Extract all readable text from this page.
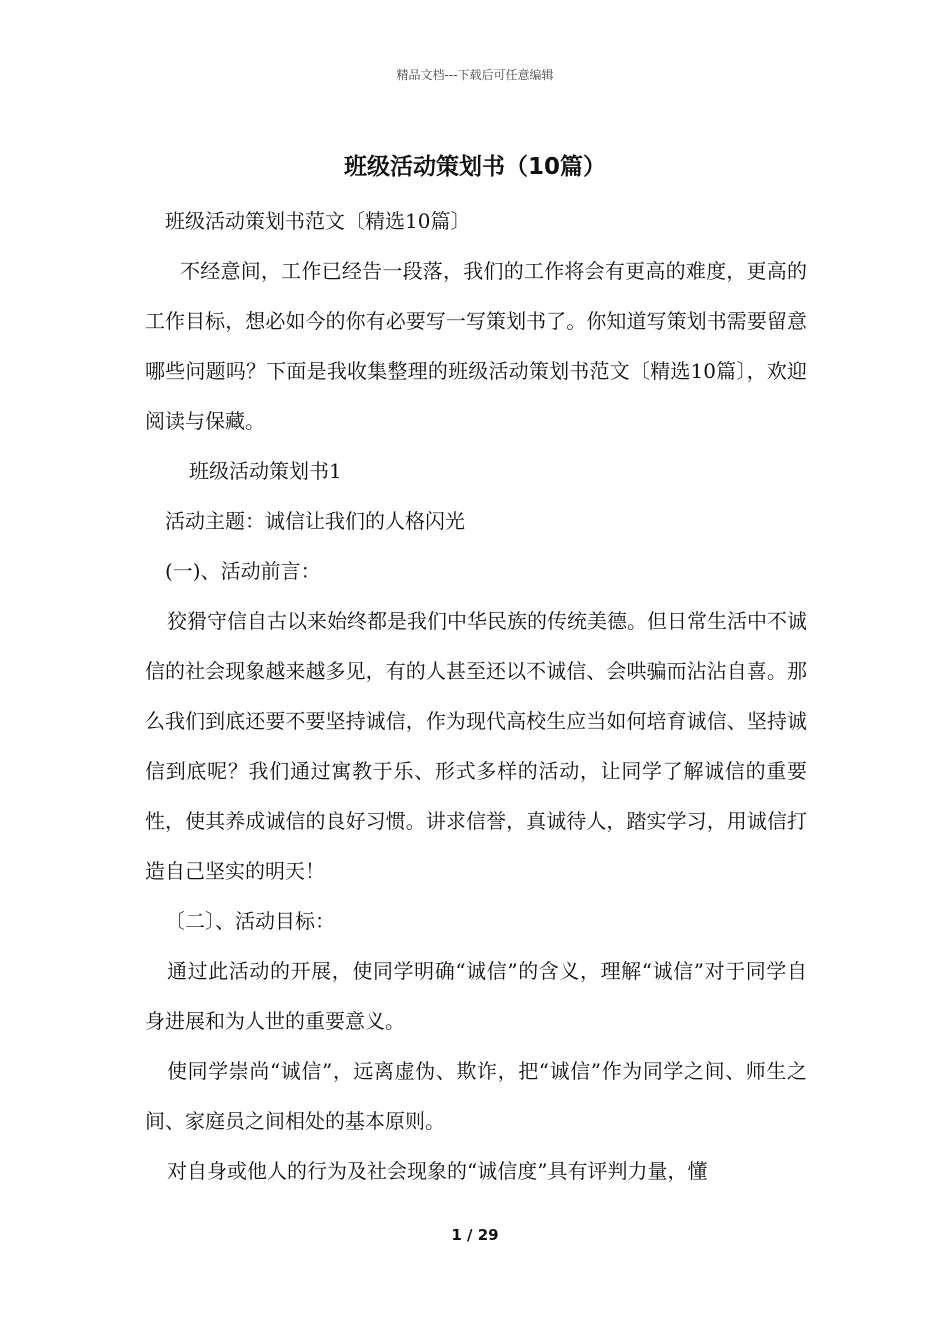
精品文档---下载后可任意编辑
班级活动策划书（10篇）

班级活动策划书范文〔精选10篇〕

不经意间，工作已经告一段落，我们的工作将会有更高的难度，更高的工作目标，想必如今的你有必要写一写策划书了。你知道写策划书需要留意哪些问题吗？下面是我收集整理的班级活动策划书范文〔精选10篇〕，欢迎阅读与保藏。

班级活动策划书1

活动主题：诚信让我们的人格闪光

(一)、活动前言：

狡猾守信自古以来始终都是我们中华民族的传统美德。但日常生活中不诚信的社会现象越来越多见，有的人甚至还以不诚信、会哄骗而沾沾自喜。那么我们到底还要不要坚持诚信，作为现代高校生应当如何培育诚信、坚持诚信到底呢？我们通过寓教于乐、形式多样的活动，让同学了解诚信的重要性，使其养成诚信的良好习惯。讲求信誉，真诚待人，踏实学习，用诚信打造自己坚实的明天！

〔二〕、活动目标：

通过此活动的开展，使同学明确“诚信”的含义，理解“诚信”对于同学自身进展和为人世的重要意义。

使同学崇尚“诚信”，远离虚伪、欺诈，把“诚信”作为同学之间、师生之间、家庭员之间相处的基本原则。

对自身或他人的行为及社会现象的“诚信度”具有评判力量，懂

1 / 29
